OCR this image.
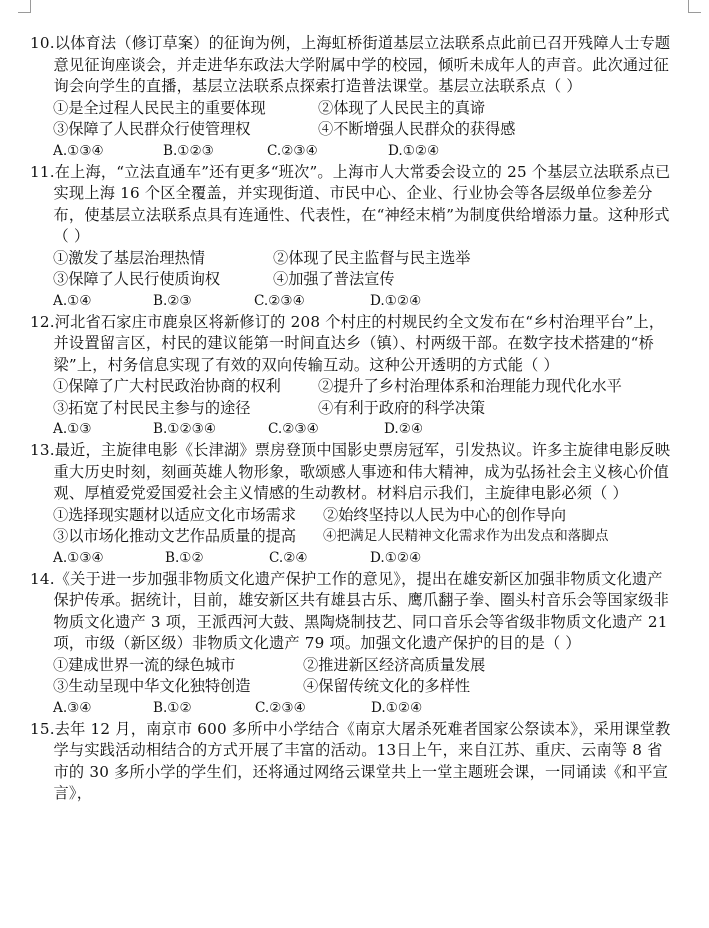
10.以体育法（修订草案）的征询为例，上海虹桥街道基层立法联系点此前已召开残障人士专题意见征询座谈会，并走进华东政法大学附属中学的校园，倾听未成年人的声音。此次通过征询会向学生的直播，基层立法联系点探索打造普法课堂。基层立法联系点（ ）

①是全过程人民民主的重要体现	②体现了人民民主的真谛
③保障了人民群众行使管理权	④不断增强人民群众的获得感
A.①③④	B.①②③	C.②③④	D.①②④

11.在上海，“立法直通车”还有更多“班次”。上海市人大常委会设立的 25 个基层立法联系点已实现上海 16 个区全覆盖，并实现街道、市民中心、企业、行业协会等各层级单位参差分布，使基层立法联系点具有连通性、代表性，在“神经末梢”为制度供给增添力量。这种形式（ ）

①激发了基层治理热情	②体现了民主监督与民主选举
③保障了人民行使质询权	④加强了普法宣传
A.①④	B.②③	C.②③④	D.①②④

12.河北省石家庄市鹿泉区将新修订的 208 个村庄的村规民约全文发布在“乡村治理平台”上，并设置留言区，村民的建议能第一时间直达乡（镇）、村两级干部。在数字技术搭建的“桥梁”上，村务信息实现了有效的双向传输互动。这种公开透明的方式能（ ）

①保障了广大村民政治协商的权利	②提升了乡村治理体系和治理能力现代化水平
③拓宽了村民民主参与的途径	④有利于政府的科学决策
A.①③	B.①②③④	C.②③④	D.②④

13.最近，主旋律电影《长津湖》票房登顶中国影史票房冠军，引发热议。许多主旋律电影反映重大历史时刻，刻画英雄人物形象，歌颂感人事迹和伟大精神，成为弘扬社会主义核心价值观、厚植爱党爱国爱社会主义情感的生动教材。材料启示我们，主旋律电影必须（ ）

①选择现实题材以适应文化市场需求	②始终坚持以人民为中心的创作导向
③以市场化推动文艺作品质量的提高	④把满足人民精神文化需求作为出发点和落脚点
A.①③④	B.①②	C.②④	D.①②④

14.《关于进一步加强非物质文化遗产保护工作的意见》，提出在雄安新区加强非物质文化遗产保护传承。据统计，目前，雄安新区共有雄县古乐、鹰爪翻子拳、圈头村音乐会等国家级非物质文化遗产 3 项，王派西河大鼓、黑陶烧制技艺、同口音乐会等省级非物质文化遗产 21 项，市级（新区级）非物质文化遗产 79 项。加强文化遗产保护的目的是（ ）

①建成世界一流的绿色城市	②推进新区经济高质量发展
③生动呈现中华文化独特创造	④保留传统文化的多样性
A.③④	B.①②	C.②③④	D.①②④

15.去年 12 月，南京市 600 多所中小学结合《南京大屠杀死难者国家公祭读本》，采用课堂教学与实践活动相结合的方式开展了丰富的活动。13日上午，来自江苏、重庆、云南等 8 省市的 30 多所小学的学生们，还将通过网络云课堂共上一堂主题班会课，一同诵读《和平宣言》，
